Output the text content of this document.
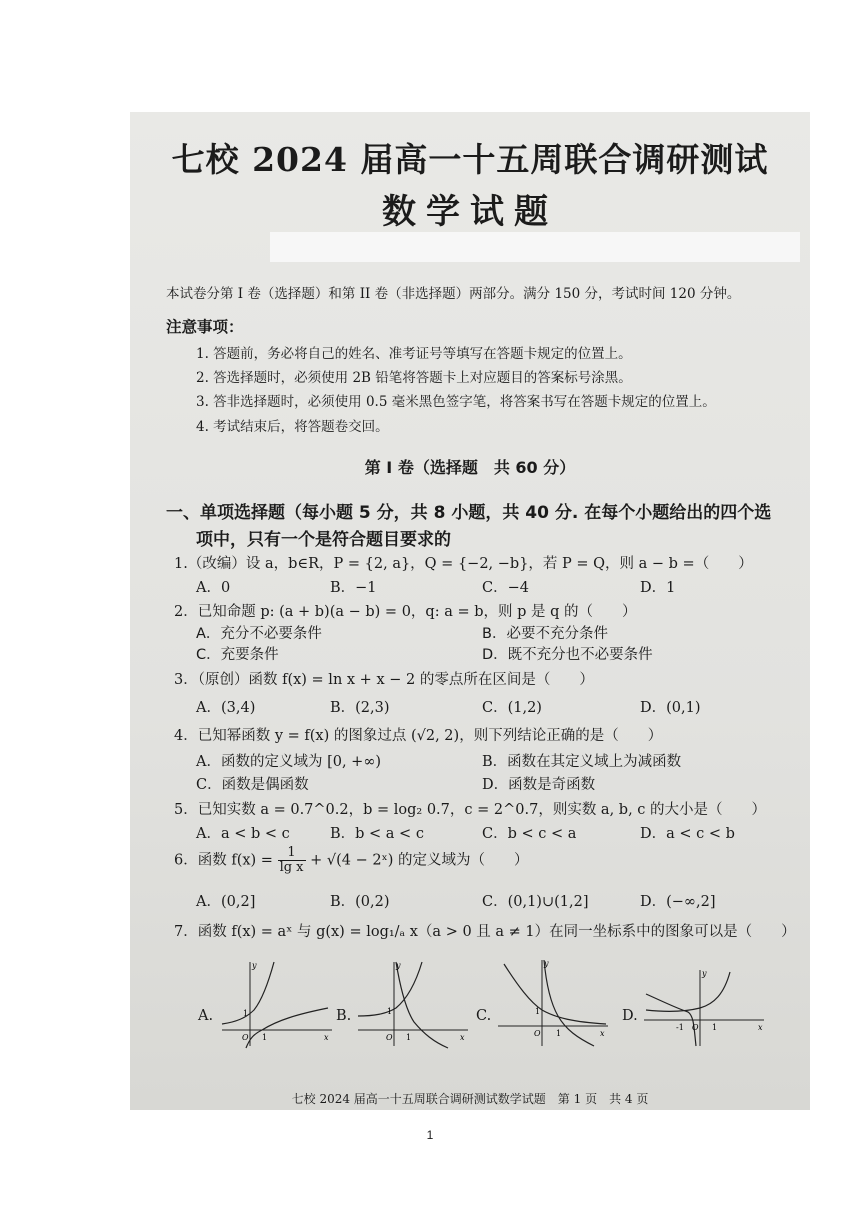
七校 2024 届高一十五周联合调研测试
数学试题
本试卷分第 I 卷（选择题）和第 II 卷（非选择题）两部分。满分 150 分，考试时间 120 分钟。
注意事项：
1. 答题前，务必将自己的姓名、准考证号等填写在答题卡规定的位置上。
2. 答选择题时，必须使用 2B 铅笔将答题卡上对应题目的答案标号涂黑。
3. 答非选择题时，必须使用 0.5 毫米黑色签字笔，将答案书写在答题卡规定的位置上。
4. 考试结束后，将答题卷交回。
第 I 卷（选择题　共 60 分）
一、单项选择题（每小题 5 分，共 8 小题，共 40 分. 在每个小题给出的四个选
项中，只有一个是符合题目要求的
1.（改编）设 a，b∈R，P = {2, a}，Q = {−2, −b}，若 P = Q，则 a − b =（　　）
A．0	B．−1	C．−4	D．1
2．已知命题 p: (a + b)(a − b) = 0，q: a = b，则 p 是 q 的（　　）
A．充分不必要条件	B．必要不充分条件
C．充要条件	D．既不充分也不必要条件
3．（原创）函数 f(x) = ln x + x − 2 的零点所在区间是（　　）
A．(3,4)	B．(2,3)	C．(1,2)	D．(0,1)
4．已知幂函数 y = f(x) 的图象过点 (√2, 2)，则下列结论正确的是（　　）
A．函数的定义域为 [0, +∞)	B．函数在其定义域上为减函数
C．函数是偶函数	D．函数是奇函数
5．已知实数 a = 0.7^0.2，b = log₂ 0.7，c = 2^0.7，则实数 a, b, c 的大小是（　　）
A．a < b < c	B．b < a < c	C．b < c < a	D．a < c < b
6．函数 $f(x) = \frac{1}{\text{lg x}} + √(4$ − 2ˣ) 的定义域为（　　）
A．(0,2]	B．(0,2)	C．(0,1)∪(1,2]	D．(−∞,2]
7．函数 f(x) = aˣ 与 g(x) = log₁/ₐ x（a > 0 且 a ≠ 1）在同一坐标系中的图象可以是（　　）
A.
y
x
O
1
1
B.
y
x
O
1
1
C.
y
x
O
1
1
D.
y
x
O
-1	1
七校 2024 届高一十五周联合调研测试数学试题　第 1 页　共 4 页
1
